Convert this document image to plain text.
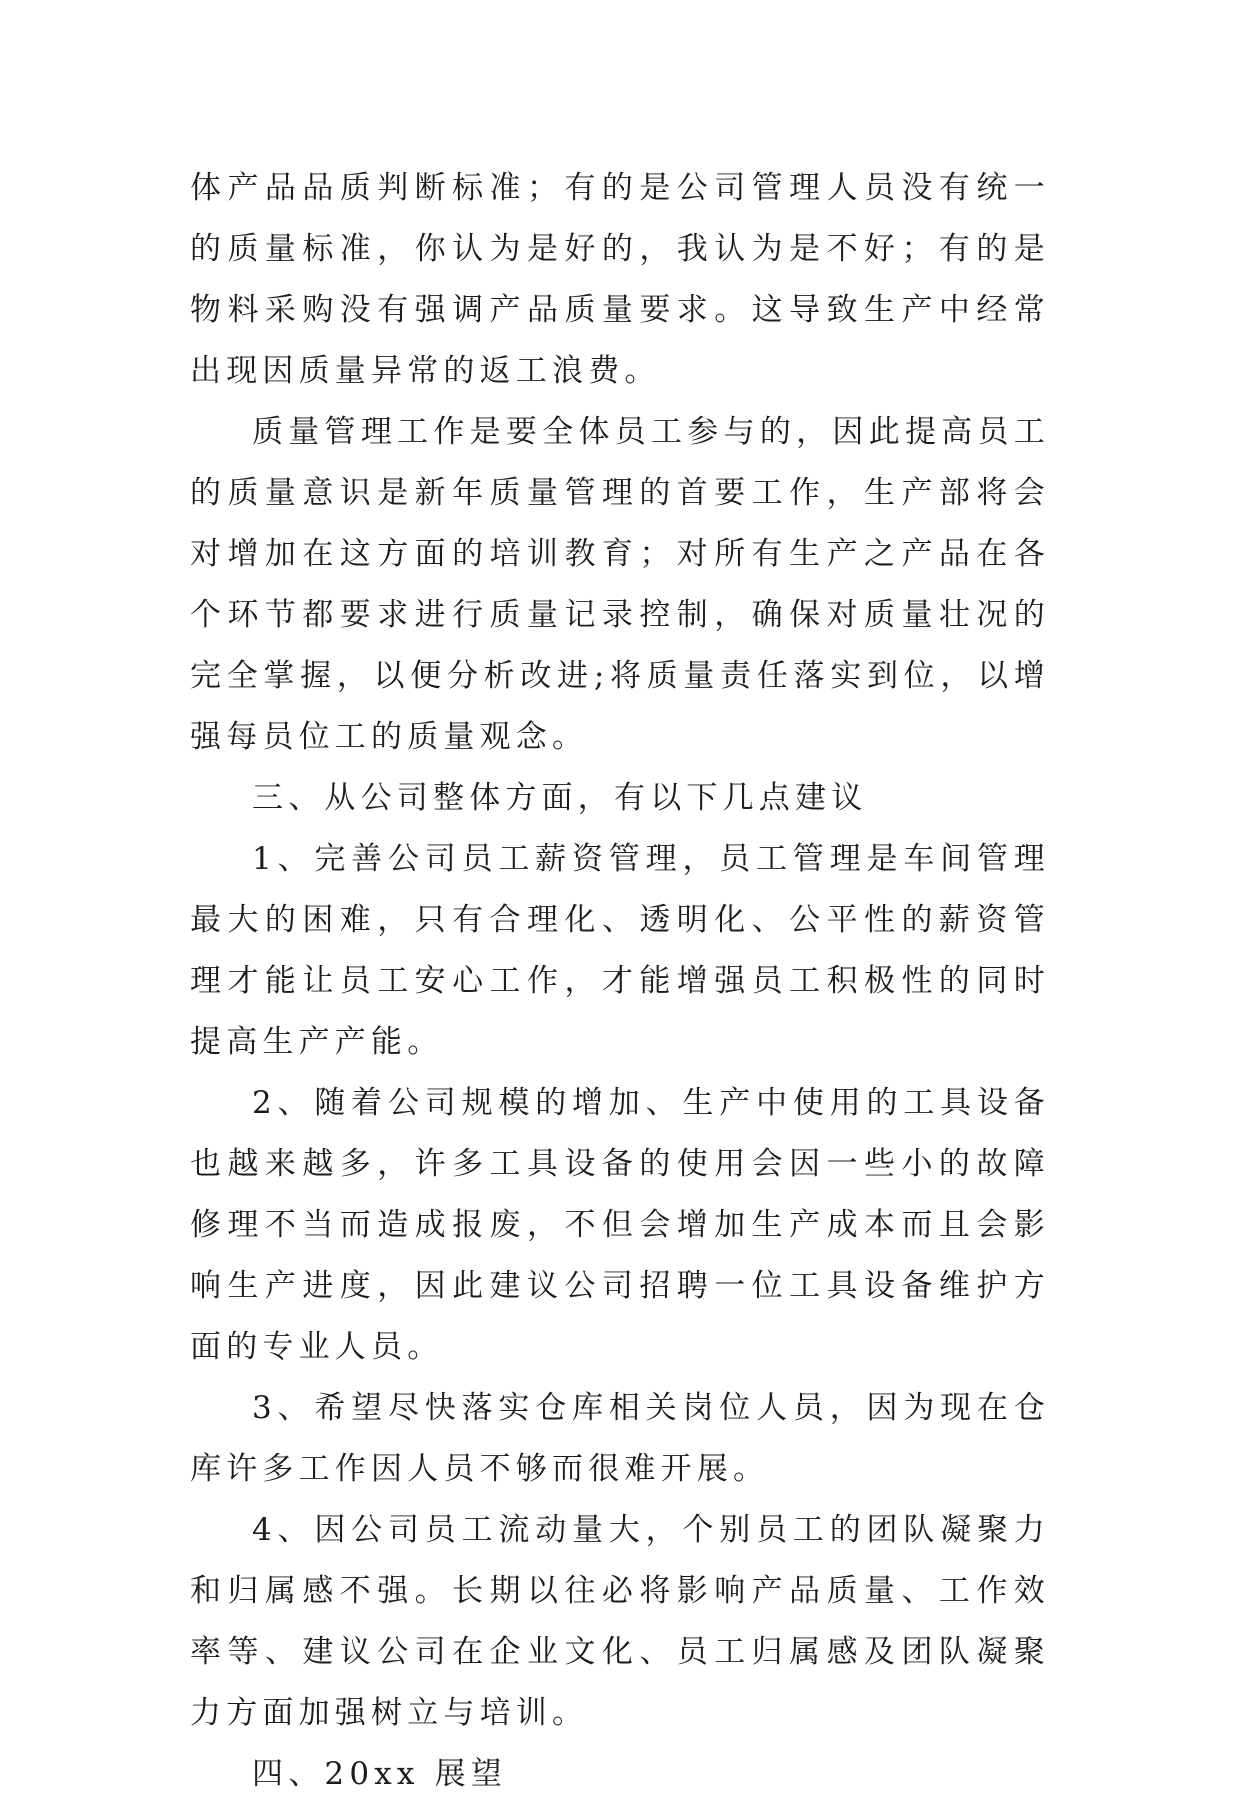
体产品品质判断标准；有的是公司管理人员没有统一的质量标准，你认为是好的，我认为是不好；有的是物料采购没有强调产品质量要求。这导致生产中经常出现因质量异常的返工浪费。

质量管理工作是要全体员工参与的，因此提高员工的质量意识是新年质量管理的首要工作，生产部将会对增加在这方面的培训教育；对所有生产之产品在各个环节都要求进行质量记录控制，确保对质量壮况的完全掌握，以便分析改进;将质量责任落实到位，以增强每员位工的质量观念。

三、从公司整体方面，有以下几点建议

1、完善公司员工薪资管理，员工管理是车间管理最大的困难，只有合理化、透明化、公平性的薪资管理才能让员工安心工作，才能增强员工积极性的同时提高生产产能。

2、随着公司规模的增加、生产中使用的工具设备也越来越多，许多工具设备的使用会因一些小的故障修理不当而造成报废，不但会增加生产成本而且会影响生产进度，因此建议公司招聘一位工具设备维护方面的专业人员。

3、希望尽快落实仓库相关岗位人员，因为现在仓库许多工作因人员不够而很难开展。

4、因公司员工流动量大，个别员工的团队凝聚力和归属感不强。长期以往必将影响产品质量、工作效率等、建议公司在企业文化、员工归属感及团队凝聚力方面加强树立与培训。

四、20xx 展望
